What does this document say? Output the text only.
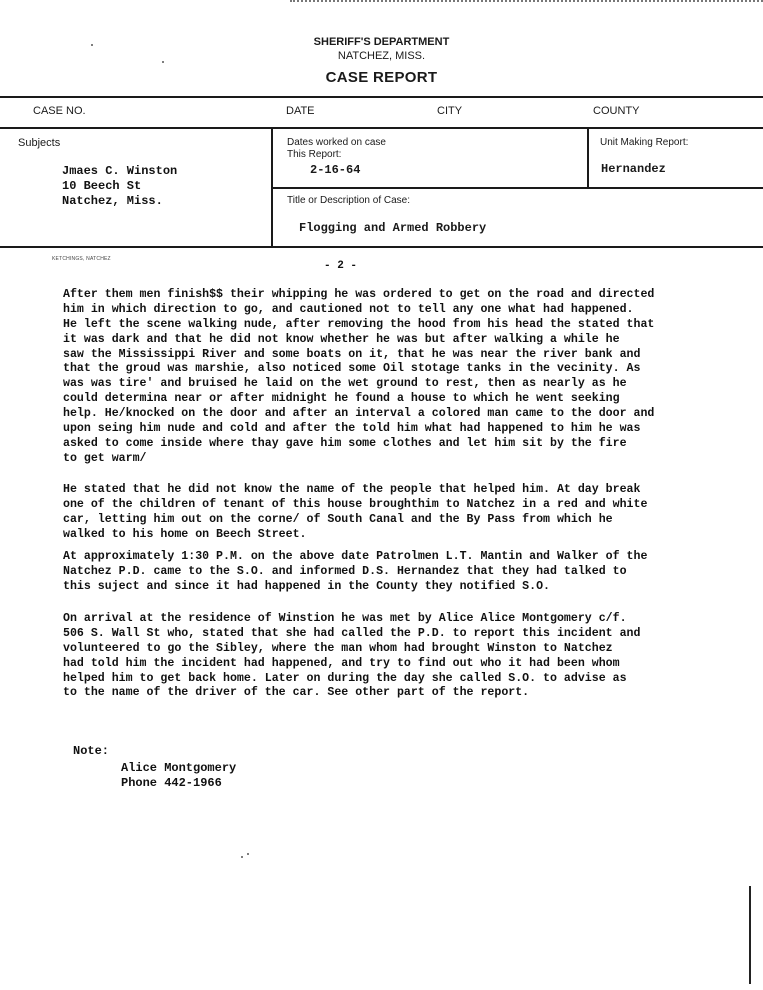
SHERIFF'S DEPARTMENT
NATCHEZ, MISS.
CASE REPORT
CASE NO.	DATE	CITY	COUNTY
Subjects
Jmaes C. Winston
10 Beech St
Natchez, Miss.
Dates worked on case
This Report:
2-16-64
Unit Making Report:
Hernandez
Title or Description of Case:
Flogging and Armed Robbery
KETCHINGS, NATCHEZ
- 2 -
After them men finish$$ their whipping he was ordered to get on the road and directed
him in which direction to go, and cautioned not to tell any one what had happened.
He left the scene walking nude, after removing the hood from his head the stated that
it was dark and that he did not know whether he was but after walking a while he
saw the Mississippi River and some boats on it, that he was near the river bank and
that the groud was marshie, also noticed some Oil stotage tanks in the vecinity. As
was was tire' and bruised he laid on the wet ground to rest, then as nearly as he
could determina near or after midnight he found a house to which he went seeking
help. He/knocked on the door and after an interval a colored man came to the door and
upon seing him nude and cold and after the told him what had happened to him he was
asked to come inside where thay gave him some clothes and let him sit by the fire
to get warm/
He stated that he did not know the name of the people that helped him. At day break
one of the children of tenant of this house broughthim to Natchez in a red and white
car, letting him out on the corne/ of South Canal and the By Pass from which he
walked to his home on Beech Street.
At approximately 1:30 P.M. on the above date Patrolmen L.T. Mantin and Walker of the
Natchez P.D. came to the S.O. and informed D.S. Hernandez that they had talked to
this suject and since it had happened in the County they notified S.O.
On arrival at the residence of Winstion he was met by Alice Alice Montgomery c/f.
506 S. Wall St who, stated that she had called the P.D. to report this incident and
volunteered to go the Sibley, where the man whom had brought Winston to Natchez
had told him the incident had happened, and try to find out who it had been whom
helped him to get back home. Later on during the day she called S.O. to advise as
to the name of the driver of the car. See other part of the report.
Note:
Alice Montgomery
Phone 442-1966
